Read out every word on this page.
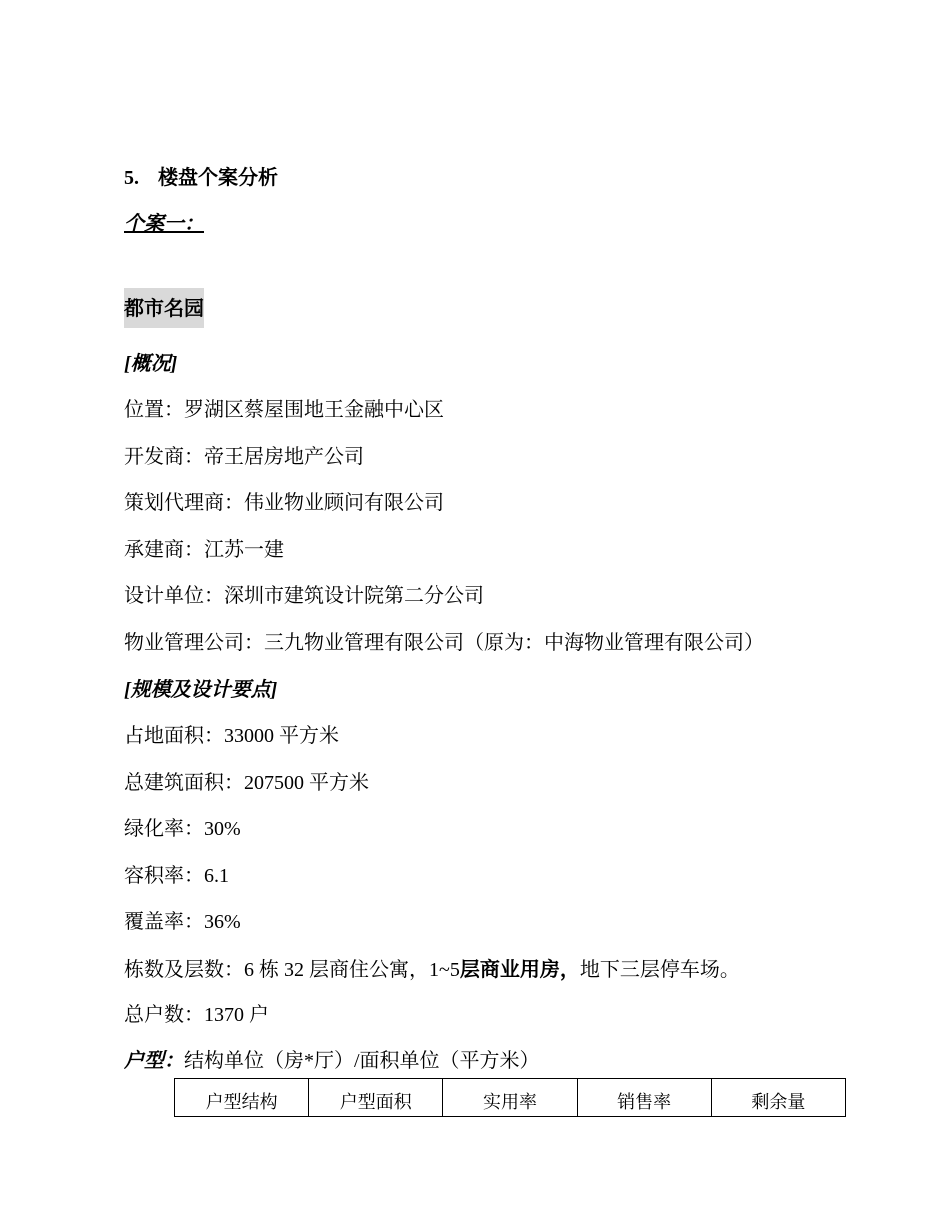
5. 楼盘个案分析
个案一：
都市名园
[概况]
位置：罗湖区蔡屋围地王金融中心区
开发商：帝王居房地产公司
策划代理商：伟业物业顾问有限公司
承建商：江苏一建
设计单位：深圳市建筑设计院第二分公司
物业管理公司：三九物业管理有限公司（原为：中海物业管理有限公司）
[规模及设计要点]
占地面积：33000 平方米
总建筑面积：207500 平方米
绿化率：30%
容积率：6.1
覆盖率：36%
栋数及层数：6 栋 32 层商住公寓，1~5层商业用房，地下三层停车场。
总户数：1370 户
户型：结构单位（房*厅）/面积单位（平方米）
户型结构	户型面积	实用率	销售率	剩余量
